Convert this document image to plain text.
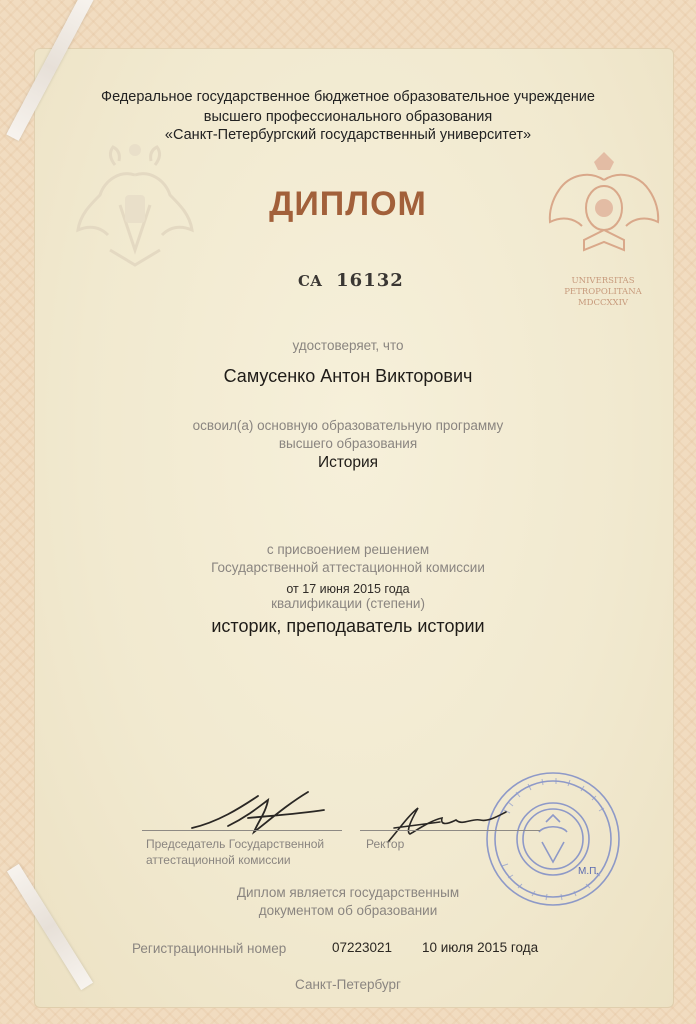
UNIVERSITAS
PETROPOLITANA
MDCCXXIV
Федеральное государственное бюджетное образовательное учреждение
высшего профессионального образования
«Санкт-Петербургский государственный университет»
ДИПЛОМ
СА 16132
удостоверяет, что
Самусенко Антон Викторович
освоил(а) основную образовательную программу
высшего образования
История
с присвоением решением
Государственной аттестационной комиссии
от 17 июня 2015 года
квалификации (степени)
историк, преподаватель истории
М.П.
Председатель Государственной
аттестационной комиссии
Ректор
Диплом является государственным
документом об образовании
Регистрационный номер	07223021 10 июля 2015 года
Санкт-Петербург
